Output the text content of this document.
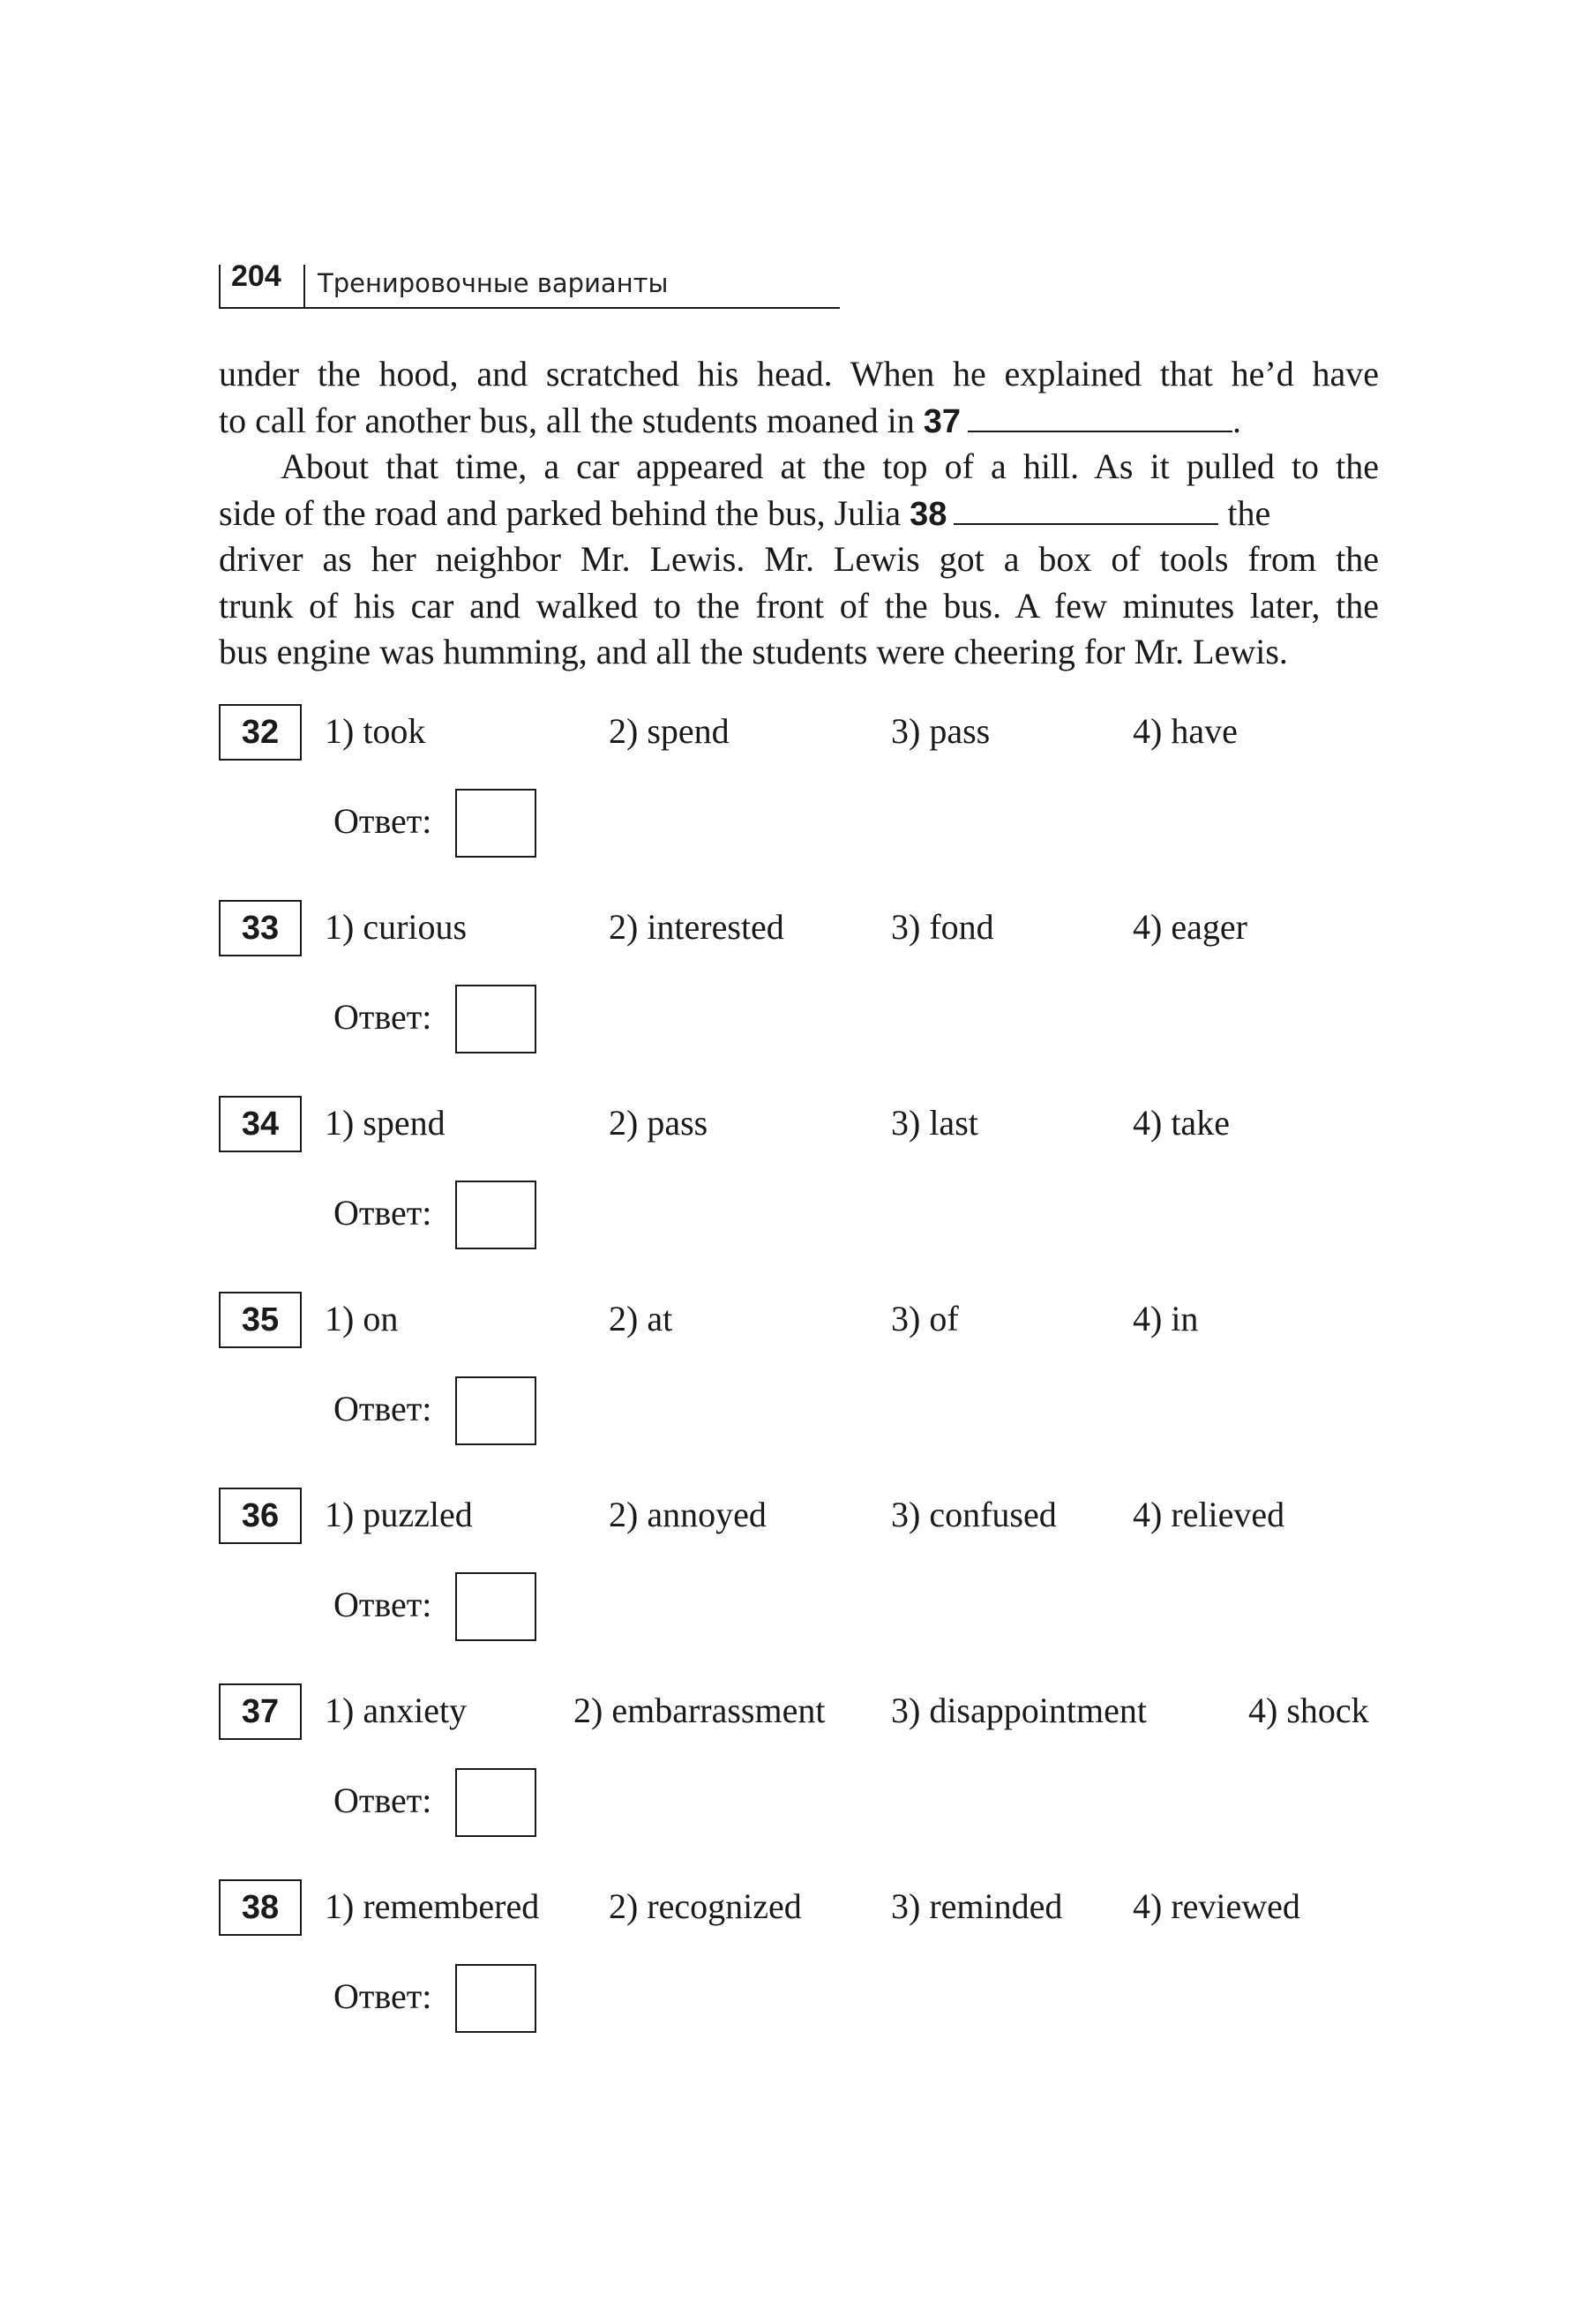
204 Тренировочные варианты
under the hood, and scratched his head. When he explained that he’d have
to call for another bus, all the students moaned in 37	.
About that time, a car appeared at the top of a hill. As it pulled to the
side of the road and parked behind the bus, Julia 38	the
driver as her neighbor Mr. Lewis. Mr. Lewis got a box of tools from the
trunk of his car and walked to the front of the bus. A few minutes later, the
bus engine was humming, and all the students were cheering for Mr. Lewis.
32	1) took	2) spend	3) pass	4) have
Ответ:
33	1) curious	2) interested	3) fond	4) eager
Ответ:
34	1) spend	2) pass	3) last	4) take
Ответ:
35	1) on	2) at	3) of	4) in
Ответ:
36	1) puzzled	2) annoyed	3) confused 4) relieved
Ответ:
37	1) anxiety	2) embarrassment 3) disappointment	4) shock
Ответ:
38	1) remembered 2) recognized	3) reminded 4) reviewed
Ответ:
